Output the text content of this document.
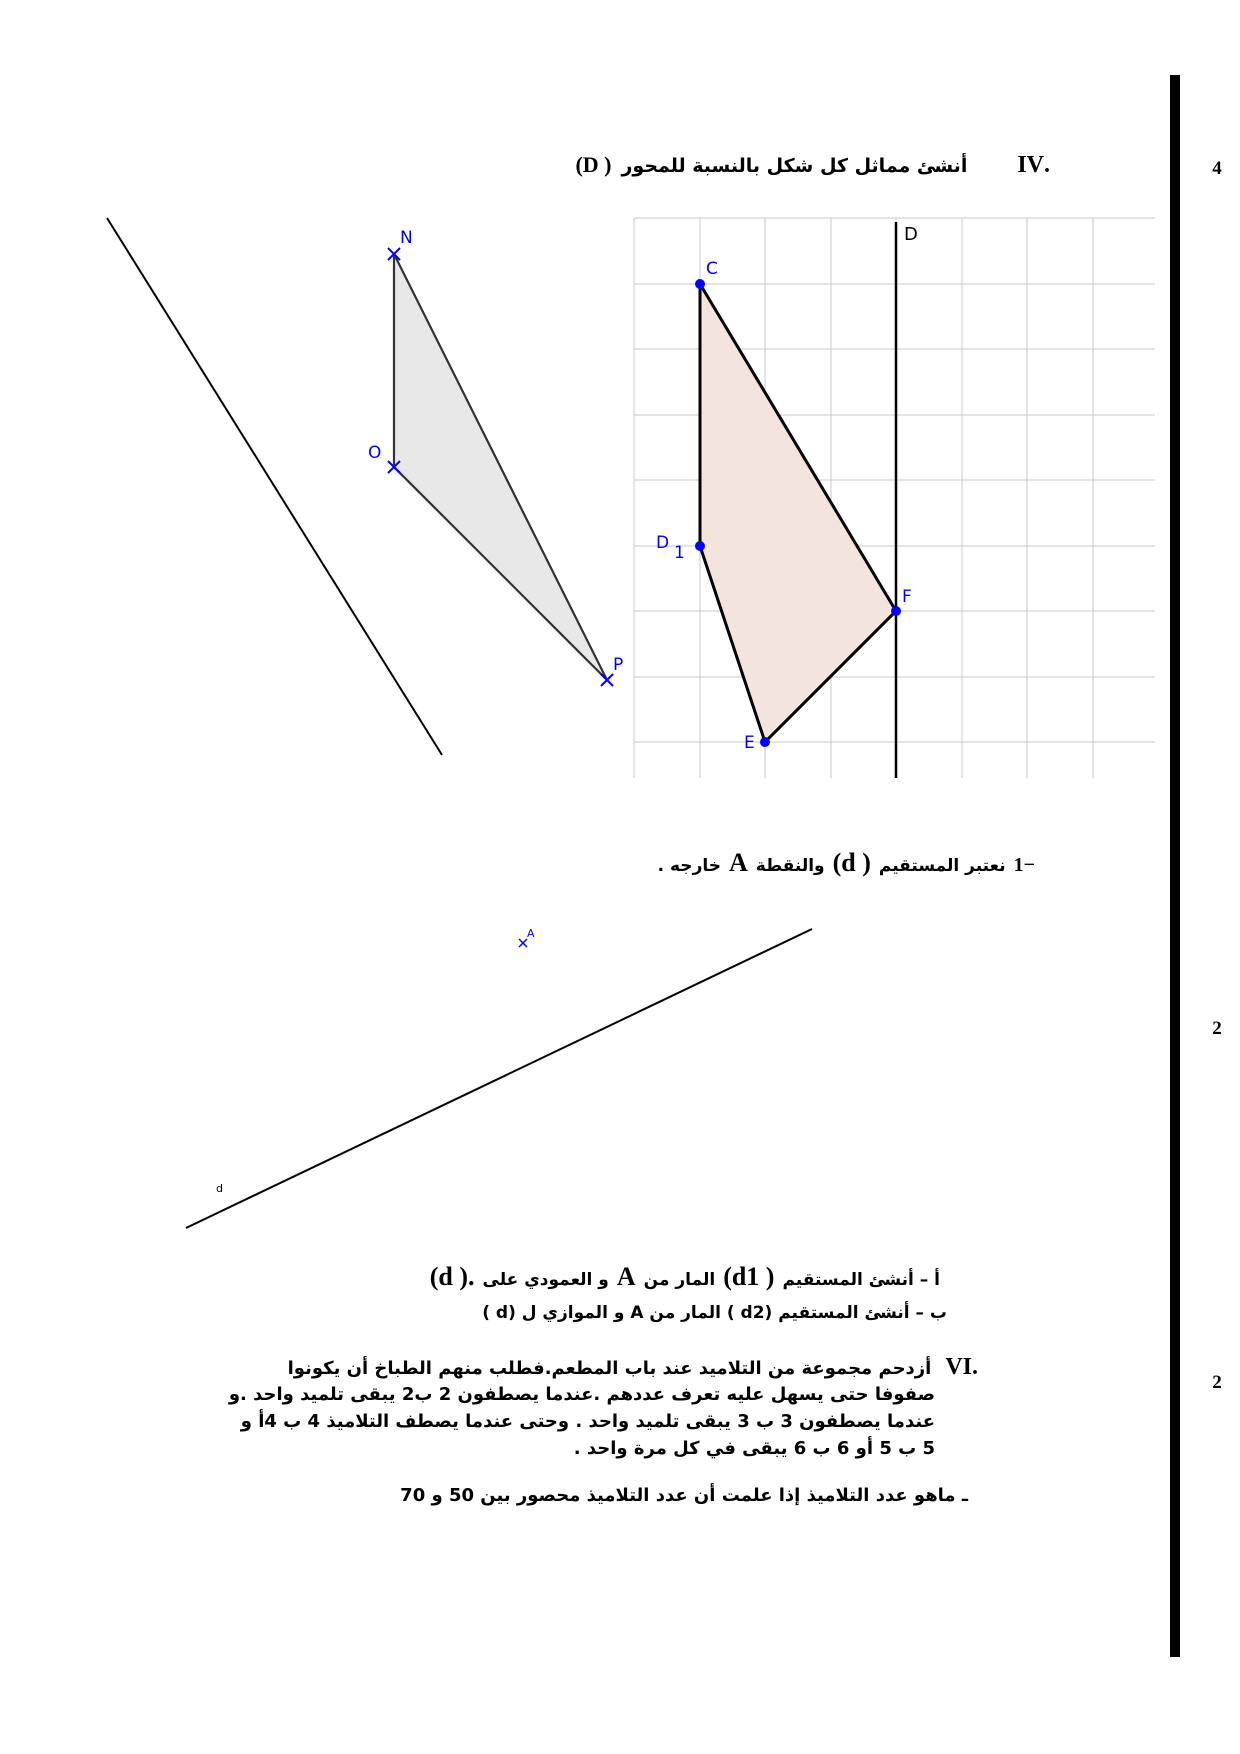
4
2
2
.IV
أنشئ مماثل كل شكل بالنسبة للمحور
(D )
N
O
P
D
C
D 1
F
E
1−
نعتبر المستقيم
(d )
والنقطة
A
خارجه .
A
d
أ – أنشئ المستقيم
(d1 )
المار من
A
و العمودي على
(d ).
ب – أنشئ المستقيم (d2 ) المار من A و الموازي ل (d )
.VI
أزدحم مجموعة من التلاميد عند باب المطعم.فطلب منهم الطباخ أن يكونوا
صفوفا حتى يسهل عليه تعرف عددهم .عندما يصطفون 2 ب2 يبقى تلميد واحد .و
عندما يصطفون 3 ب 3 يبقى تلميد واحد . وحتى عندما يصطف التلاميذ 4 ب 4أ و
5 ب 5 أو 6 ب 6 يبقى في كل مرة واحد .
ـ ماهو عدد التلاميذ إذا علمت أن عدد التلاميذ محصور بين 50 و 70
